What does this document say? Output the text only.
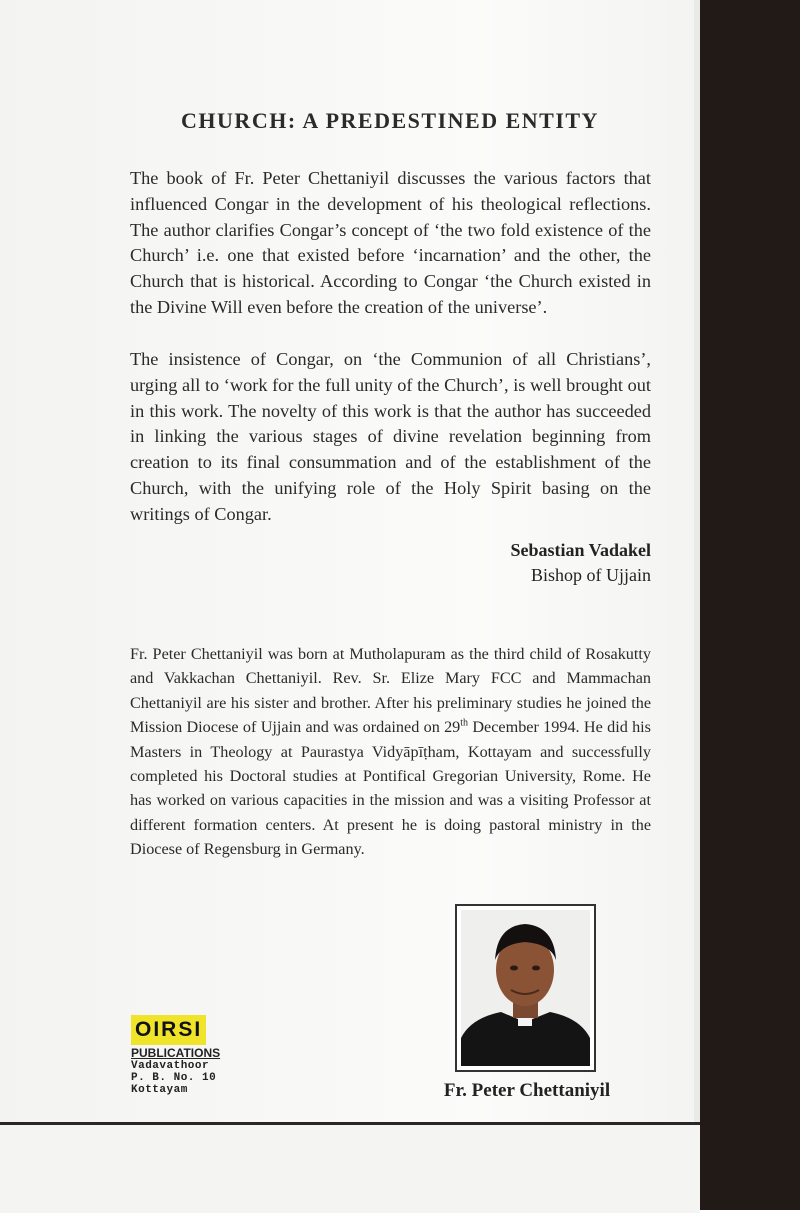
CHURCH: A PREDESTINED ENTITY
The book of Fr. Peter Chettaniyil discusses the various factors that influenced Congar in the development of his theological reflections. The author clarifies Congar’s concept of ‘the two fold existence of the Church’ i.e. one that existed before ‘incarnation’ and the other, the Church that is historical. According to Congar ‘the Church existed in the Divine Will even before the creation of the universe’.
The insistence of Congar, on ‘the Communion of all Christians’, urging all to ‘work for the full unity of the Church’, is well brought out in this work. The novelty of this work is that the author has succeeded in linking the various stages of divine revelation beginning from creation to its final consummation and of the establishment of the Church, with the unifying role of the Holy Spirit basing on the writings of Congar.
Sebastian Vadakel
Bishop of Ujjain
Fr. Peter Chettaniyil was born at Mutholapuram as the third child of Rosakutty and Vakkachan Chettaniyil. Rev. Sr. Elize Mary FCC and Mammachan Chettaniyil are his sister and brother. After his preliminary studies he joined the Mission Diocese of Ujjain and was ordained on 29th December 1994. He did his Masters in Theology at Paurastya Vidyāpīṭham, Kottayam and successfully completed his Doctoral studies at Pontifical Gregorian University, Rome. He has worked on various capacities in the mission and was a visiting Professor at different formation centers. At present he is doing pastoral ministry in the Diocese of Regensburg in Germany.
OIRSI
PUBLICATIONS
Vadavathoor
P. B. No. 10
Kottayam	Fr. Peter Chettaniyil
